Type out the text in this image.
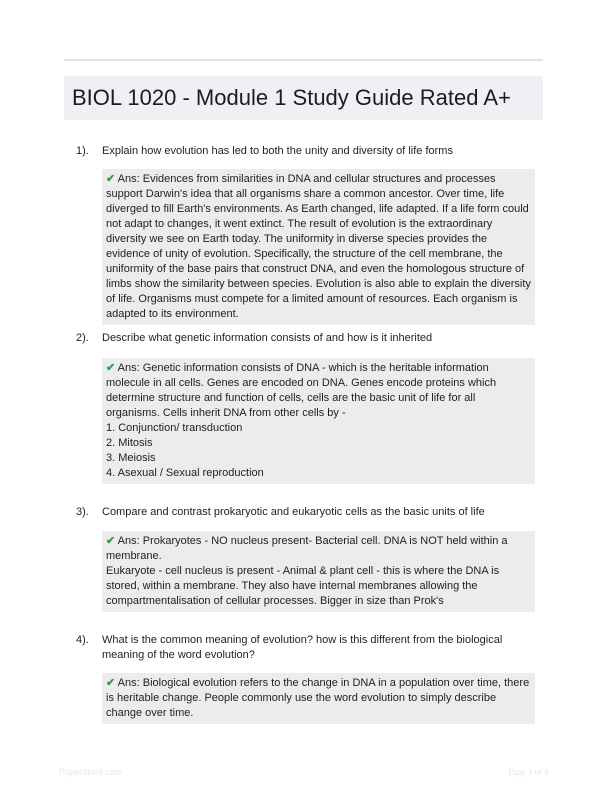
BIOL 1020 - Module 1 Study Guide Rated A+
1).	Explain how evolution has led to both the unity and diversity of life forms

✔ Ans: Evidences from similarities in DNA and cellular structures and processes support Darwin's idea that all organisms share a common ancestor. Over time, life diverged to fill Earth's environments. As Earth changed, life adapted. If a life form could not adapt to changes, it went extinct. The result of evolution is the extraordinary diversity we see on Earth today. The uniformity in diverse species provides the evidence of unity of evolution. Specifically, the structure of the cell membrane, the uniformity of the base pairs that construct DNA, and even the homologous structure of limbs show the similarity between species. Evolution is also able to explain the diversity of life. Organisms must compete for a limited amount of resources. Each organism is adapted to its environment.

2).	Describe what genetic information consists of and how is it inherited

✔ Ans: Genetic information consists of DNA - which is the heritable information molecule in all cells. Genes are encoded on DNA. Genes encode proteins which determine structure and function of cells, cells are the basic unit of life for all organisms. Cells inherit DNA from other cells by -

1. Conjunction/ transduction

2. Mitosis

3. Meiosis

4. Asexual / Sexual reproduction

3).	Compare and contrast prokaryotic and eukaryotic cells as the basic units of life

✔ Ans: Prokaryotes - NO nucleus present- Bacterial cell. DNA is NOT held within a membrane.

Eukaryote - cell nucleus is present - Animal & plant cell - this is where the DNA is stored, within a membrane. They also have internal membranes allowing the compartmentalisation of cellular processes. Bigger in size than Prok's

4).	What is the common meaning of evolution? how is this different from the biological meaning of the word evolution?

✔ Ans: Biological evolution refers to the change in DNA in a population over time, there is heritable change. People commonly use the word evolution to simply describe change over time.

Paperstore.com	Page 1 of 8
